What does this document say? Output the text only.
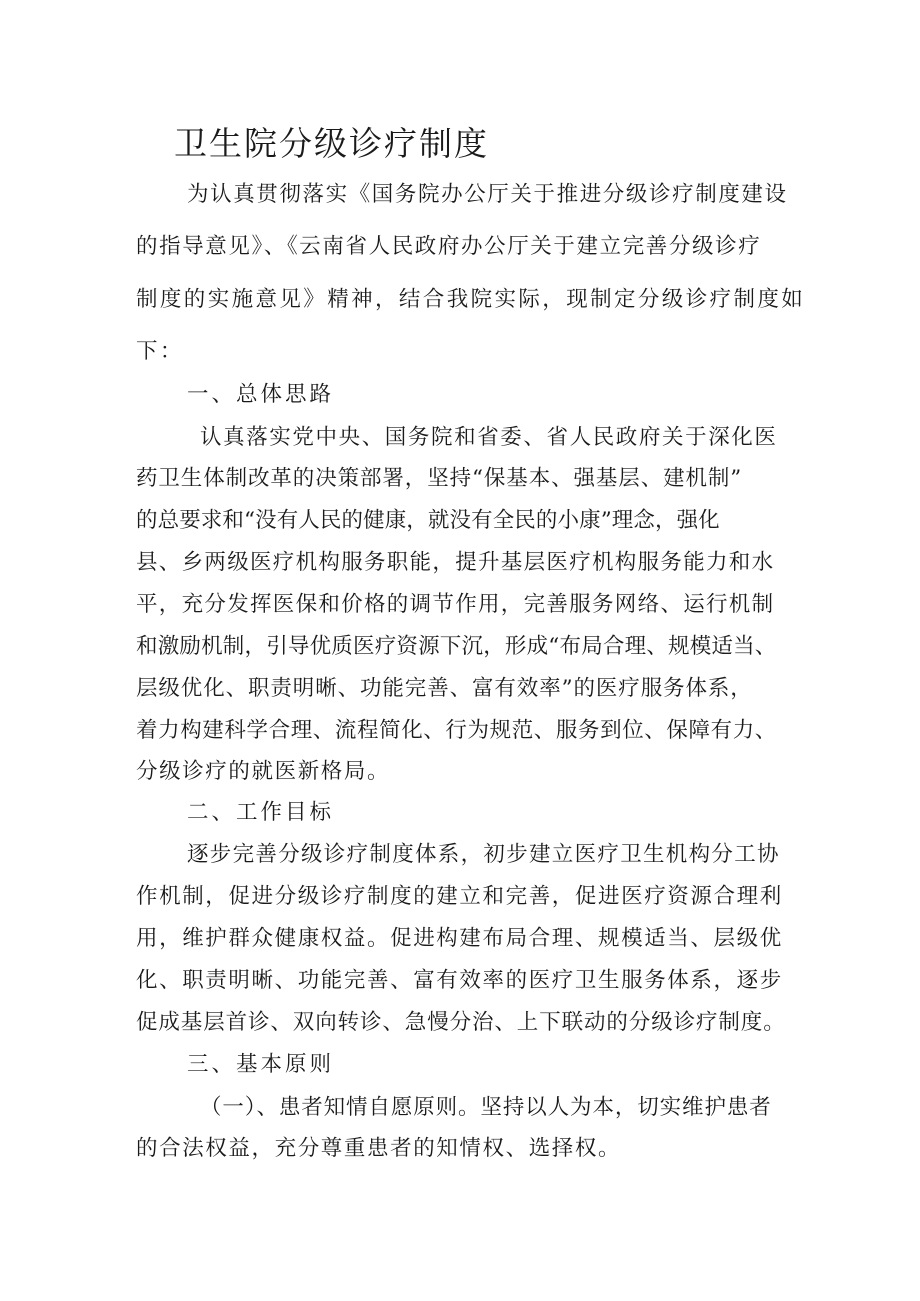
卫生院分级诊疗制度
为认真贯彻落实《国务院办公厅关于推进分级诊疗制度建设
的指导意见》、《云南省人民政府办公厅关于建立完善分级诊疗
制度的实施意见》精神，结合我院实际，现制定分级诊疗制度如
下：
一、总体思路
认真落实党中央、国务院和省委、省人民政府关于深化医
药卫生体制改革的决策部署，坚持“保基本、强基层、建机制”
的总要求和“没有人民的健康，就没有全民的小康”理念，强化
县、乡两级医疗机构服务职能，提升基层医疗机构服务能力和水
平，充分发挥医保和价格的调节作用，完善服务网络、运行机制
和激励机制，引导优质医疗资源下沉，形成“布局合理、规模适当、
层级优化、职责明晰、功能完善、富有效率”的医疗服务体系，
着力构建科学合理、流程简化、行为规范、服务到位、保障有力、
分级诊疗的就医新格局。
二、工作目标
逐步完善分级诊疗制度体系，初步建立医疗卫生机构分工协
作机制，促进分级诊疗制度的建立和完善，促进医疗资源合理利
用，维护群众健康权益。促进构建布局合理、规模适当、层级优
化、职责明晰、功能完善、富有效率的医疗卫生服务体系，逐步
促成基层首诊、双向转诊、急慢分治、上下联动的分级诊疗制度。
三、基本原则
（一）、患者知情自愿原则。坚持以人为本，切实维护患者
的合法权益，充分尊重患者的知情权、选择权。
